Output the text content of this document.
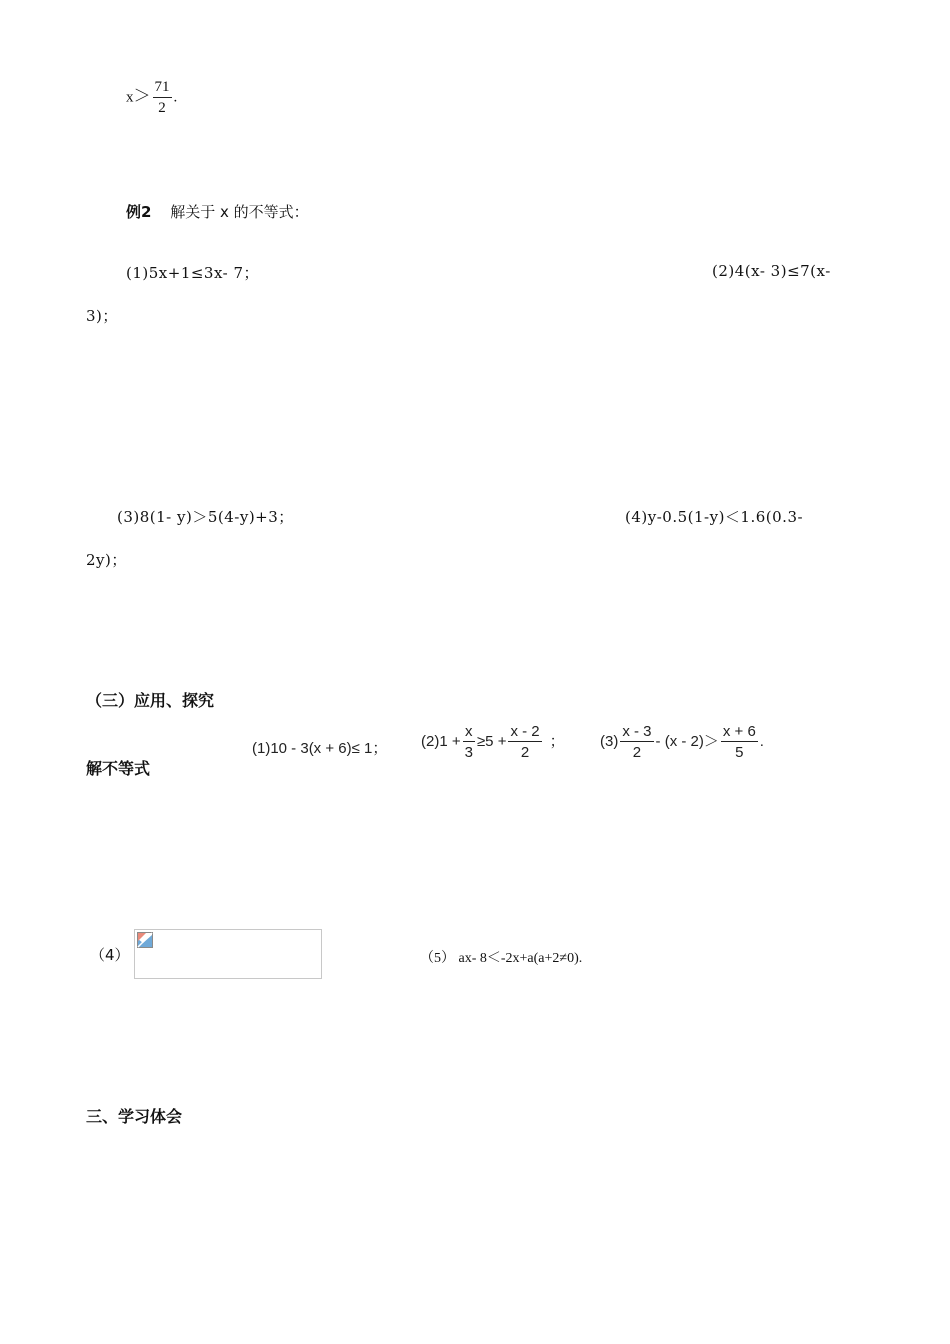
$x> \frac{71}{2}$ .
例2 解关于 x 的不等式：
(1)5x+1≤3x- 7；	(2)4(x- 3)≤7(x-
3)；
(3)8(1- y)＞5(4-y)+3；	(4)y-0.5(1-y)＜1.6(0.3-
2y)；
（三）应用、探究
解不等式
(1)10 - 3(x + 6)≤ 1； $(2)1 + \frac{x}{3} \ge 5 + \frac{x - 2}{2}$ ； $(3) \frac{x - 3}{2} - (x - 2)> \frac{x + 6}{5}$ .
（4）	（5） ax- 8＜-2x+a(a+2≠0).
三、学习体会
